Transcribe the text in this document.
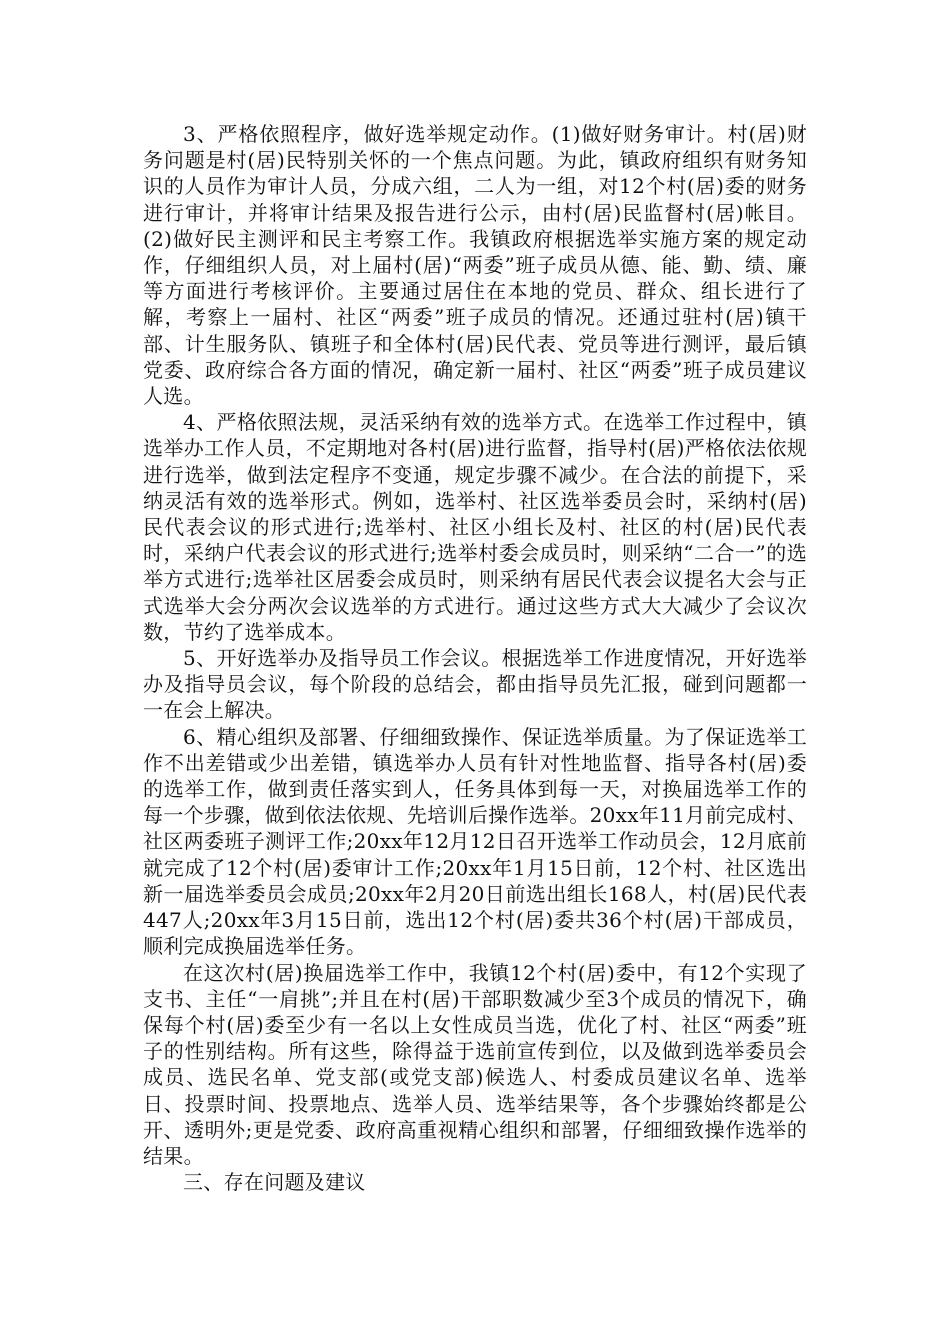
3、严格依照程序，做好选举规定动作。(1)做好财务审计。村(居)财务问题是村(居)民特别关怀的一个焦点问题。为此，镇政府组织有财务知识的人员作为审计人员，分成六组，二人为一组，对12个村(居)委的财务进行审计，并将审计结果及报告进行公示，由村(居)民监督村(居)帐目。(2)做好民主测评和民主考察工作。我镇政府根据选举实施方案的规定动作，仔细组织人员，对上届村(居)“两委”班子成员从德、能、勤、绩、廉等方面进行考核评价。主要通过居住在本地的党员、群众、组长进行了解，考察上一届村、社区“两委”班子成员的情况。还通过驻村(居)镇干部、计生服务队、镇班子和全体村(居)民代表、党员等进行测评，最后镇党委、政府综合各方面的情况，确定新一届村、社区“两委”班子成员建议人选。

4、严格依照法规，灵活采纳有效的选举方式。在选举工作过程中，镇选举办工作人员，不定期地对各村(居)进行监督，指导村(居)严格依法依规进行选举，做到法定程序不变通，规定步骤不减少。在合法的前提下，采纳灵活有效的选举形式。例如，选举村、社区选举委员会时，采纳村(居)民代表会议的形式进行;选举村、社区小组长及村、社区的村(居)民代表时，采纳户代表会议的形式进行;选举村委会成员时，则采纳“二合一”的选举方式进行;选举社区居委会成员时，则采纳有居民代表会议提名大会与正式选举大会分两次会议选举的方式进行。通过这些方式大大减少了会议次数，节约了选举成本。

5、开好选举办及指导员工作会议。根据选举工作进度情况，开好选举办及指导员会议，每个阶段的总结会，都由指导员先汇报，碰到问题都一一在会上解决。

6、精心组织及部署、仔细细致操作、保证选举质量。为了保证选举工作不出差错或少出差错，镇选举办人员有针对性地监督、指导各村(居)委的选举工作，做到责任落实到人，任务具体到每一天，对换届选举工作的每一个步骤，做到依法依规、先培训后操作选举。20xx年11月前完成村、社区两委班子测评工作;20xx年12月12日召开选举工作动员会，12月底前就完成了12个村(居)委审计工作;20xx年1月15日前，12个村、社区选出新一届选举委员会成员;20xx年2月20日前选出组长168人，村(居)民代表447人;20xx年3月15日前，选出12个村(居)委共36个村(居)干部成员，顺利完成换届选举任务。

在这次村(居)换届选举工作中，我镇12个村(居)委中，有12个实现了支书、主任“一肩挑”;并且在村(居)干部职数减少至3个成员的情况下，确保每个村(居)委至少有一名以上女性成员当选，优化了村、社区“两委”班子的性别结构。所有这些，除得益于选前宣传到位，以及做到选举委员会成员、选民名单、党支部(或党支部)候选人、村委成员建议名单、选举日、投票时间、投票地点、选举人员、选举结果等，各个步骤始终都是公开、透明外;更是党委、政府高重视精心组织和部署，仔细细致操作选举的结果。

三、存在问题及建议
